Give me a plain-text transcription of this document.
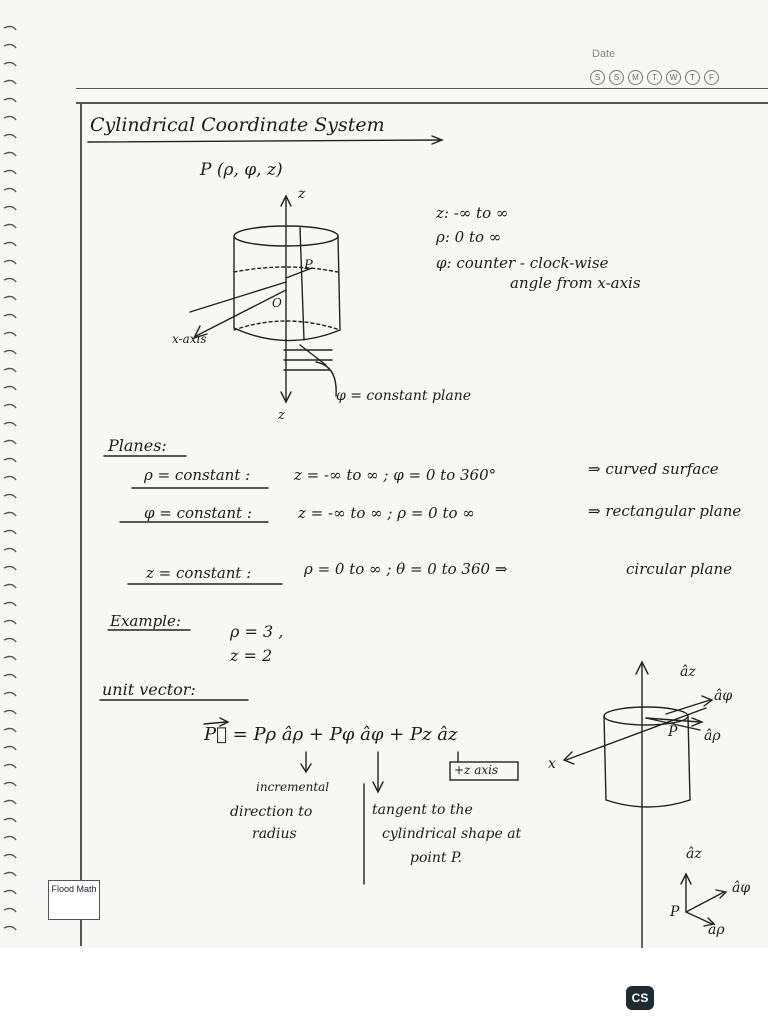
Date
S	S	M	T	W	T	F
Cylindrical Coordinate System
P (ρ, φ, z)
z
z
P
O
x-axis
φ = constant plane
z: -∞ to ∞
ρ: 0 to ∞
φ: counter - clock-wise
angle from x-axis
Planes:
ρ = constant :	z = -∞ to ∞ ; φ = 0 to 360°	⇒ curved surface
φ = constant :	z = -∞ to ∞ ; ρ = 0 to ∞	⇒ rectangular plane
z = constant :	ρ = 0 to ∞ ; θ = 0 to 360 ⇒	circular plane
Example:
ρ = 3 ,
z = 2
unit vector:
P⃗ = Pρ âρ + Pφ âφ + Pz âz
incremental
direction to
radius
tangent to the
cylindrical shape at
point P.
+z axis
âz
âφ
âρ
P
x
âz
âφ
âρ
P
Flood Math
CS
